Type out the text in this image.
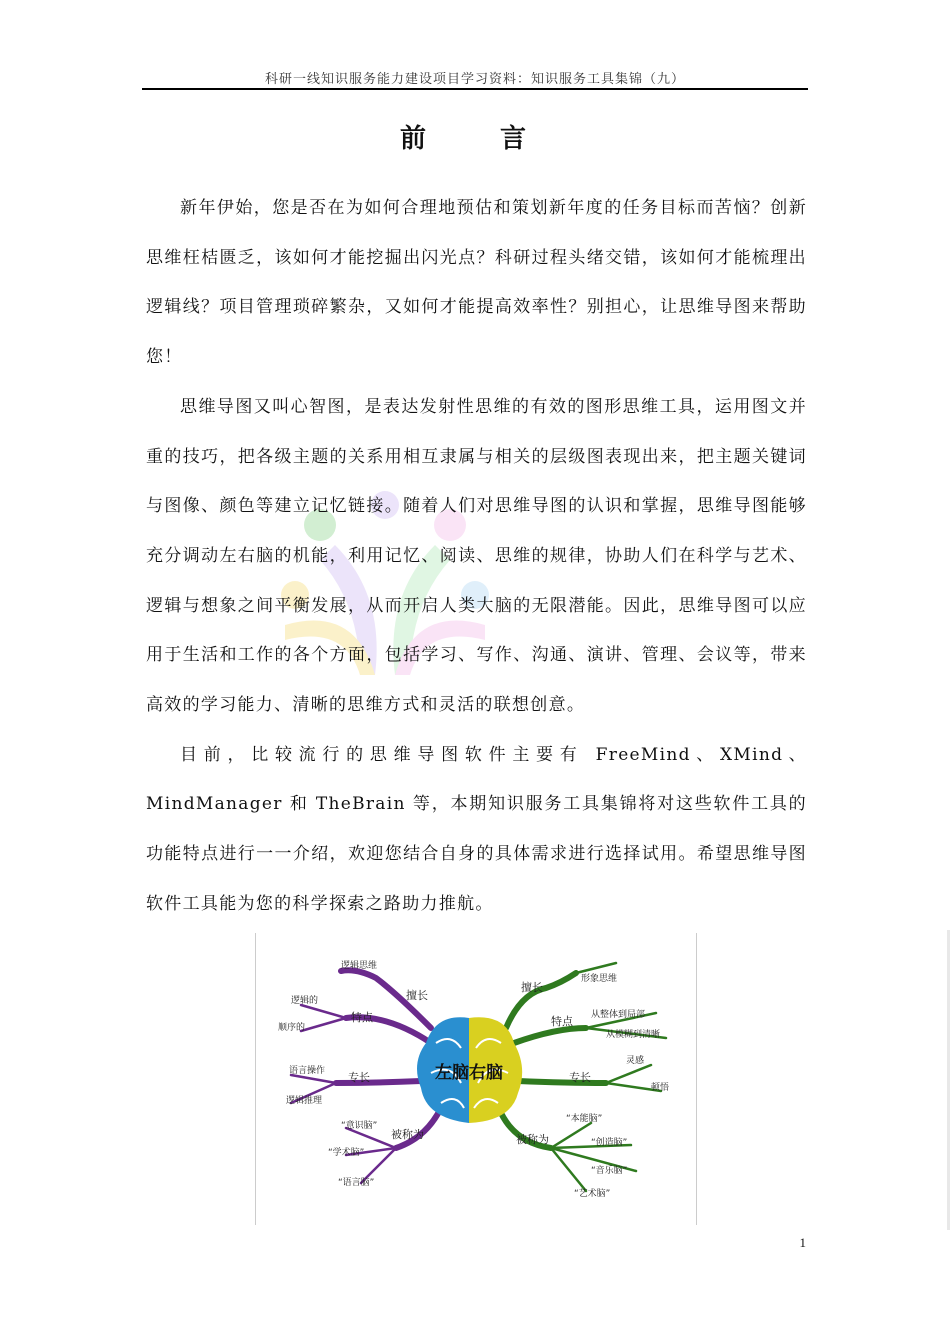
科研一线知识服务能力建设项目学习资料：知识服务工具集锦（九）
前　言

新年伊始，您是否在为如何合理地预估和策划新年度的任务目标而苦恼？创新思维枉桔匮乏，该如何才能挖掘出闪光点？科研过程头绪交错，该如何才能梳理出逻辑线？项目管理琐碎繁杂，又如何才能提高效率性？别担心，让思维导图来帮助您！

思维导图又叫心智图，是表达发射性思维的有效的图形思维工具，运用图文并重的技巧，把各级主题的关系用相互隶属与相关的层级图表现出来，把主题关键词与图像、颜色等建立记忆链接。随着人们对思维导图的认识和掌握，思维导图能够充分调动左右脑的机能，利用记忆、阅读、思维的规律，协助人们在科学与艺术、逻辑与想象之间平衡发展，从而开启人类大脑的无限潜能。因此，思维导图可以应用于生活和工作的各个方面，包括学习、写作、沟通、演讲、管理、会议等，带来高效的学习能力、清晰的思维方式和灵活的联想创意。

目前，比较流行的思维导图软件主要有 FreeMind、XMind、MindManager 和 TheBrain 等，本期知识服务工具集锦将对这些软件工具的功能特点进行一一介绍，欢迎您结合自身的具体需求进行选择试用。希望思维导图软件工具能为您的科学探索之路助力推航。

左脑右脑
擅长
逻辑思维
特点
逻辑的
顺序的
专长
语言操作
逻辑推理
被称为
“意识脑”
“学术脑”
“语言脑”
擅长
形象思维
特点 从整体到局部
从模糊到清晰
专长
灵感
顿悟
被称为
“本能脑”
“创造脑”
“音乐脑”
“艺术脑”
1
